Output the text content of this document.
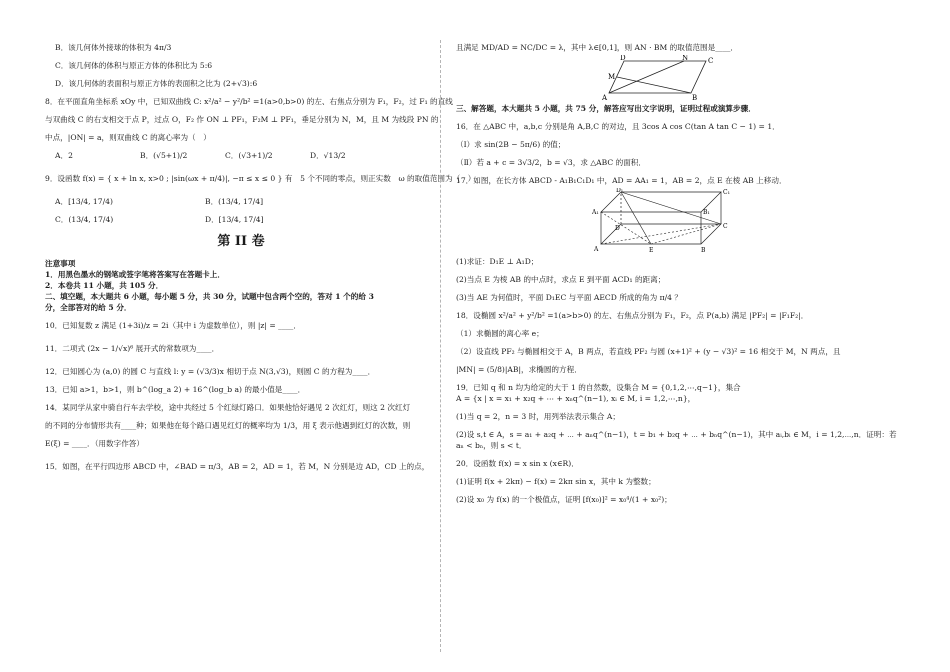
B．该几何体外接球的体积为 4π/3

C．该几何体的体积与原正方体的体积比为 5:6

D．该几何体的表面积与原正方体的表面积之比为 (2+√3):6

8．在平面直角坐标系 xOy 中，已知双曲线 C: x²/a² − y²/b² =1(a>0,b>0) 的左、右焦点分别为 F₁，F₂，过 F₁ 的直线

与双曲线 C 的右支相交于点 P，过点 O，F₂ 作 ON ⊥ PF₁，F₂M ⊥ PF₁，垂足分别为 N，M，且 M 为线段 PN 的

中点，|ON| = a，则双曲线 C 的离心率为（　）

A．2	B．(√5+1)/2	C．(√3+1)/2	D．√13/2

9．设函数 f(x) = { x + ln x, x>0 ; |sin(ωx + π/4)|, −π ≤ x ≤ 0 } 有　5 个不同的零点，则正实数　ω 的取值范围为（　）

A．[13/4, 17/4)	B．(13/4, 17/4]
C．(13/4, 17/4)	D．[13/4, 17/4]
第 II 卷

注意事项

1．用黑色墨水的钢笔或签字笔将答案写在答题卡上．

2．本卷共 11 小题，共 105 分．

二、填空题，本大题共 6 小题，每小题 5 分，共 30 分，试题中包含两个空的，答对 1 个的给 3

分，全部答对的给 5 分．

10．已知复数 z 满足 (1+3i)/z = 2i（其中 i 为虚数单位），则 |z| = ____．

11．二项式 (2x − 1/√x)⁶ 展开式的常数项为____．

12．已知圆心为 (a,0) 的圆 C 与直线 l: y = (√3/3)x 相切于点 N(3,√3)，则圆 C 的方程为____．

13．已知 a>1，b>1，则 b^(log_a 2) + 16^(log_b a) 的最小值是____．

14．某同学从家中骑自行车去学校，途中共经过 5 个红绿灯路口．如果他恰好遇见 2 次红灯，则这 2 次红灯

的不同的分布情形共有____种；如果他在每个路口遇见红灯的概率均为 1/3，用 ξ 表示他遇到红灯的次数，则

E(ξ) = ____．（用数字作答）

15．如图，在平行四边形 ABCD 中，∠BAD = π/3，AB = 2，AD = 1，若 M，N 分别是边 AD，CD 上的点，

且满足 MD/AD = NC/DC = λ，其中 λ∈[0,1]，则 AN · BM 的取值范围是____．

D	N	C
M
A	B

三、解答题，本大题共 5 小题，共 75 分，解答应写出文字说明，证明过程或演算步骤．

16．在 △ABC 中，a,b,c 分别是角 A,B,C 的对边，且 3cos A cos C(tan A tan C − 1) = 1．

（Ⅰ）求 sin(2B − 5π/6) 的值；

（Ⅱ）若 a + c = 3√3/2，b = √3，求 △ABC 的面积．

17．如图，在长方体 ABCD - A₁B₁C₁D₁ 中，AD = AA₁ = 1，AB = 2，点 E 在棱 AB 上移动．

D₁	C₁
A₁	B₁
D	C
A	E	B

(1)求证：D₁E ⊥ A₁D；

(2)当点 E 为棱 AB 的中点时，求点 E 到平面 ACD₁ 的距离；

(3)当 AE 为何值时，平面 D₁EC 与平面 AECD 所成的角为 π/4 ？

18．设椭圆 x²/a² + y²/b² =1(a>b>0) 的左、右焦点分别为 F₁，F₂，点 P(a,b) 满足 |PF₂| = |F₁F₂|．

（1）求椭圆的离心率 e；

（2）设直线 PF₂ 与椭圆相交于 A，B 两点，若直线 PF₂ 与圆 (x+1)² + (y − √3)² = 16 相交于 M，N 两点，且

|MN| = (5/8)|AB|，求椭圆的方程．

19．已知 q 和 n 均为给定的大于 1 的自然数，设集合 M = {0,1,2,⋯,q−1}，集合

A = {x | x = x₁ + x₂q + ⋯ + xₙq^(n−1), xᵢ ∈ M, i = 1,2,⋯,n}，

(1)当 q = 2，n = 3 时，用列举法表示集合 A；

(2)设 s,t ∈ A，s = a₁ + a₂q + ⋯ + aₙq^(n−1)，t = b₁ + b₂q + ⋯ + bₙq^(n−1)，其中 aᵢ,bᵢ ∈ M，i = 1,2,⋯,n．证明：若

aₙ < bₙ，则 s < t．

20．设函数 f(x) = x sin x (x∈R)．

(1)证明 f(x + 2kπ) − f(x) = 2kπ sin x，其中 k 为整数；

(2)设 x₀ 为 f(x) 的一个极值点，证明 [f(x₀)]² = x₀⁴/(1 + x₀²)；
